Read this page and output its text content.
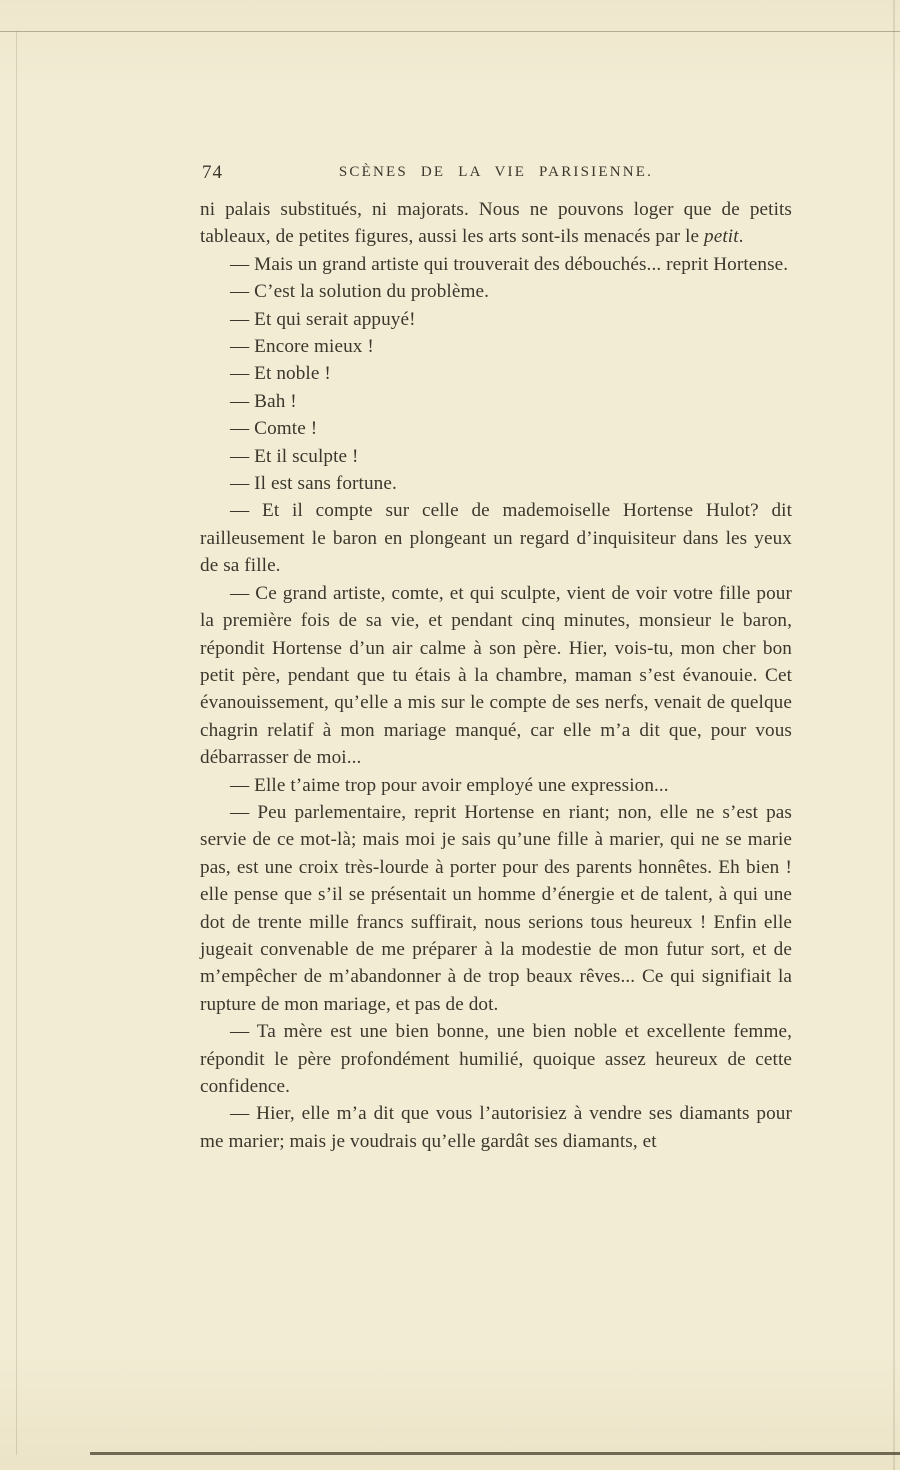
74	SCÈNES DE LA VIE PARISIENNE.

ni palais substitués, ni majorats. Nous ne pouvons loger que de petits tableaux, de petites figures, aussi les arts sont-ils menacés par le petit.

— Mais un grand artiste qui trouverait des débouchés... reprit Hortense.

— C’est la solution du problème.

— Et qui serait appuyé!

— Encore mieux !

— Et noble !

— Bah !

— Comte !

— Et il sculpte !

— Il est sans fortune.

— Et il compte sur celle de mademoiselle Hortense Hulot? dit railleusement le baron en plongeant un regard d’inquisiteur dans les yeux de sa fille.

— Ce grand artiste, comte, et qui sculpte, vient de voir votre fille pour la première fois de sa vie, et pendant cinq minutes, monsieur le baron, répondit Hortense d’un air calme à son père. Hier, vois-tu, mon cher bon petit père, pendant que tu étais à la chambre, maman s’est évanouie. Cet évanouissement, qu’elle a mis sur le compte de ses nerfs, venait de quelque chagrin relatif à mon mariage manqué, car elle m’a dit que, pour vous débarrasser de moi...

— Elle t’aime trop pour avoir employé une expression...

— Peu parlementaire, reprit Hortense en riant; non, elle ne s’est pas servie de ce mot-là; mais moi je sais qu’une fille à marier, qui ne se marie pas, est une croix très-lourde à porter pour des parents honnêtes. Eh bien ! elle pense que s’il se présentait un homme d’énergie et de talent, à qui une dot de trente mille francs suffirait, nous serions tous heureux ! Enfin elle jugeait convenable de me préparer à la modestie de mon futur sort, et de m’empêcher de m’abandonner à de trop beaux rêves... Ce qui signifiait la rupture de mon mariage, et pas de dot.

— Ta mère est une bien bonne, une bien noble et excellente femme, répondit le père profondément humilié, quoique assez heureux de cette confidence.

— Hier, elle m’a dit que vous l’autorisiez à vendre ses diamants pour me marier; mais je voudrais qu’elle gardât ses diamants, et
